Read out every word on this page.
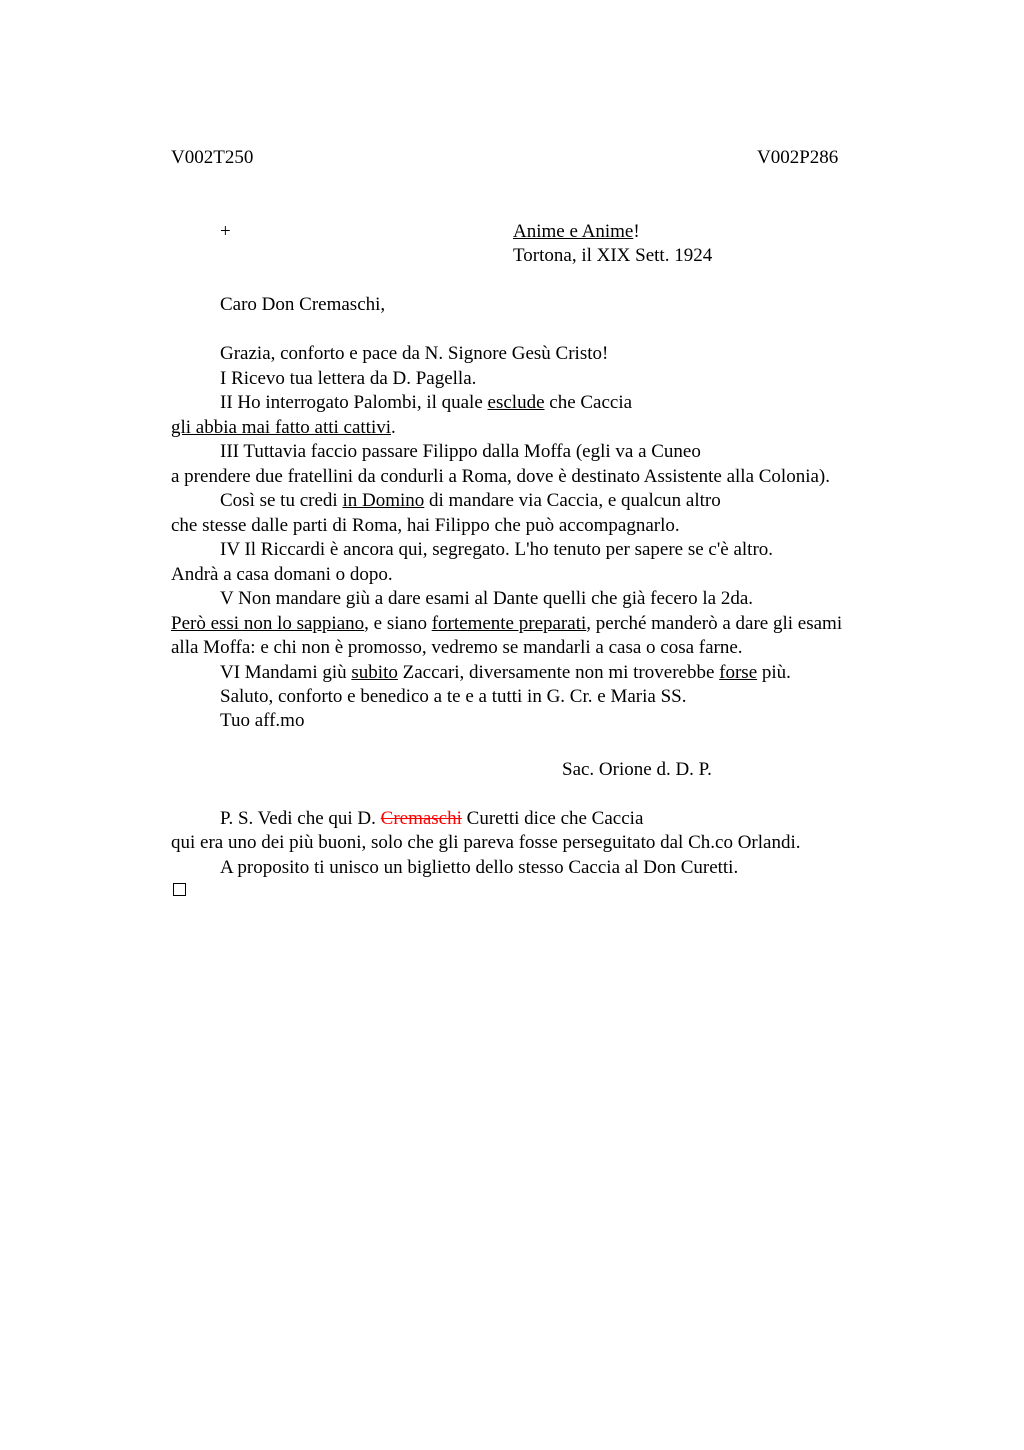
V002T250	V002P286
+	Anime e Anime!
Tortona, il XIX Sett. 1924
Caro Don Cremaschi,
Grazia, conforto e pace da N. Signore Gesù Cristo!
I Ricevo tua lettera da D. Pagella.
II Ho interrogato Palombi, il quale esclude che Caccia
gli abbia mai fatto atti cattivi.
III Tuttavia faccio passare Filippo dalla Moffa (egli va a Cuneo
a prendere due fratellini da condurli a Roma, dove è destinato Assistente alla Colonia).
Così se tu credi in Domino di mandare via Caccia, e qualcun altro
che stesse dalle parti di Roma, hai Filippo che può accompagnarlo.
IV Il Riccardi è ancora qui, segregato. L'ho tenuto per sapere se c'è altro.
Andrà a casa domani o dopo.
V Non mandare giù a dare esami al Dante quelli che già fecero la 2da.
Però essi non lo sappiano, e siano fortemente preparati, perché manderò a dare gli esami
alla Moffa: e chi non è promosso, vedremo se mandarli a casa o cosa farne.
VI Mandami giù subito Zaccari, diversamente non mi troverebbe forse più.
Saluto, conforto e benedico a te e a tutti in G. Cr. e Maria SS.
Tuo aff.mo
Sac. Orione d. D. P.
P. S. Vedi che qui D. Cremaschi Curetti dice che Caccia
qui era uno dei più buoni, solo che gli pareva fosse perseguitato dal Ch.co Orlandi.
A proposito ti unisco un biglietto dello stesso Caccia al Don Curetti.
